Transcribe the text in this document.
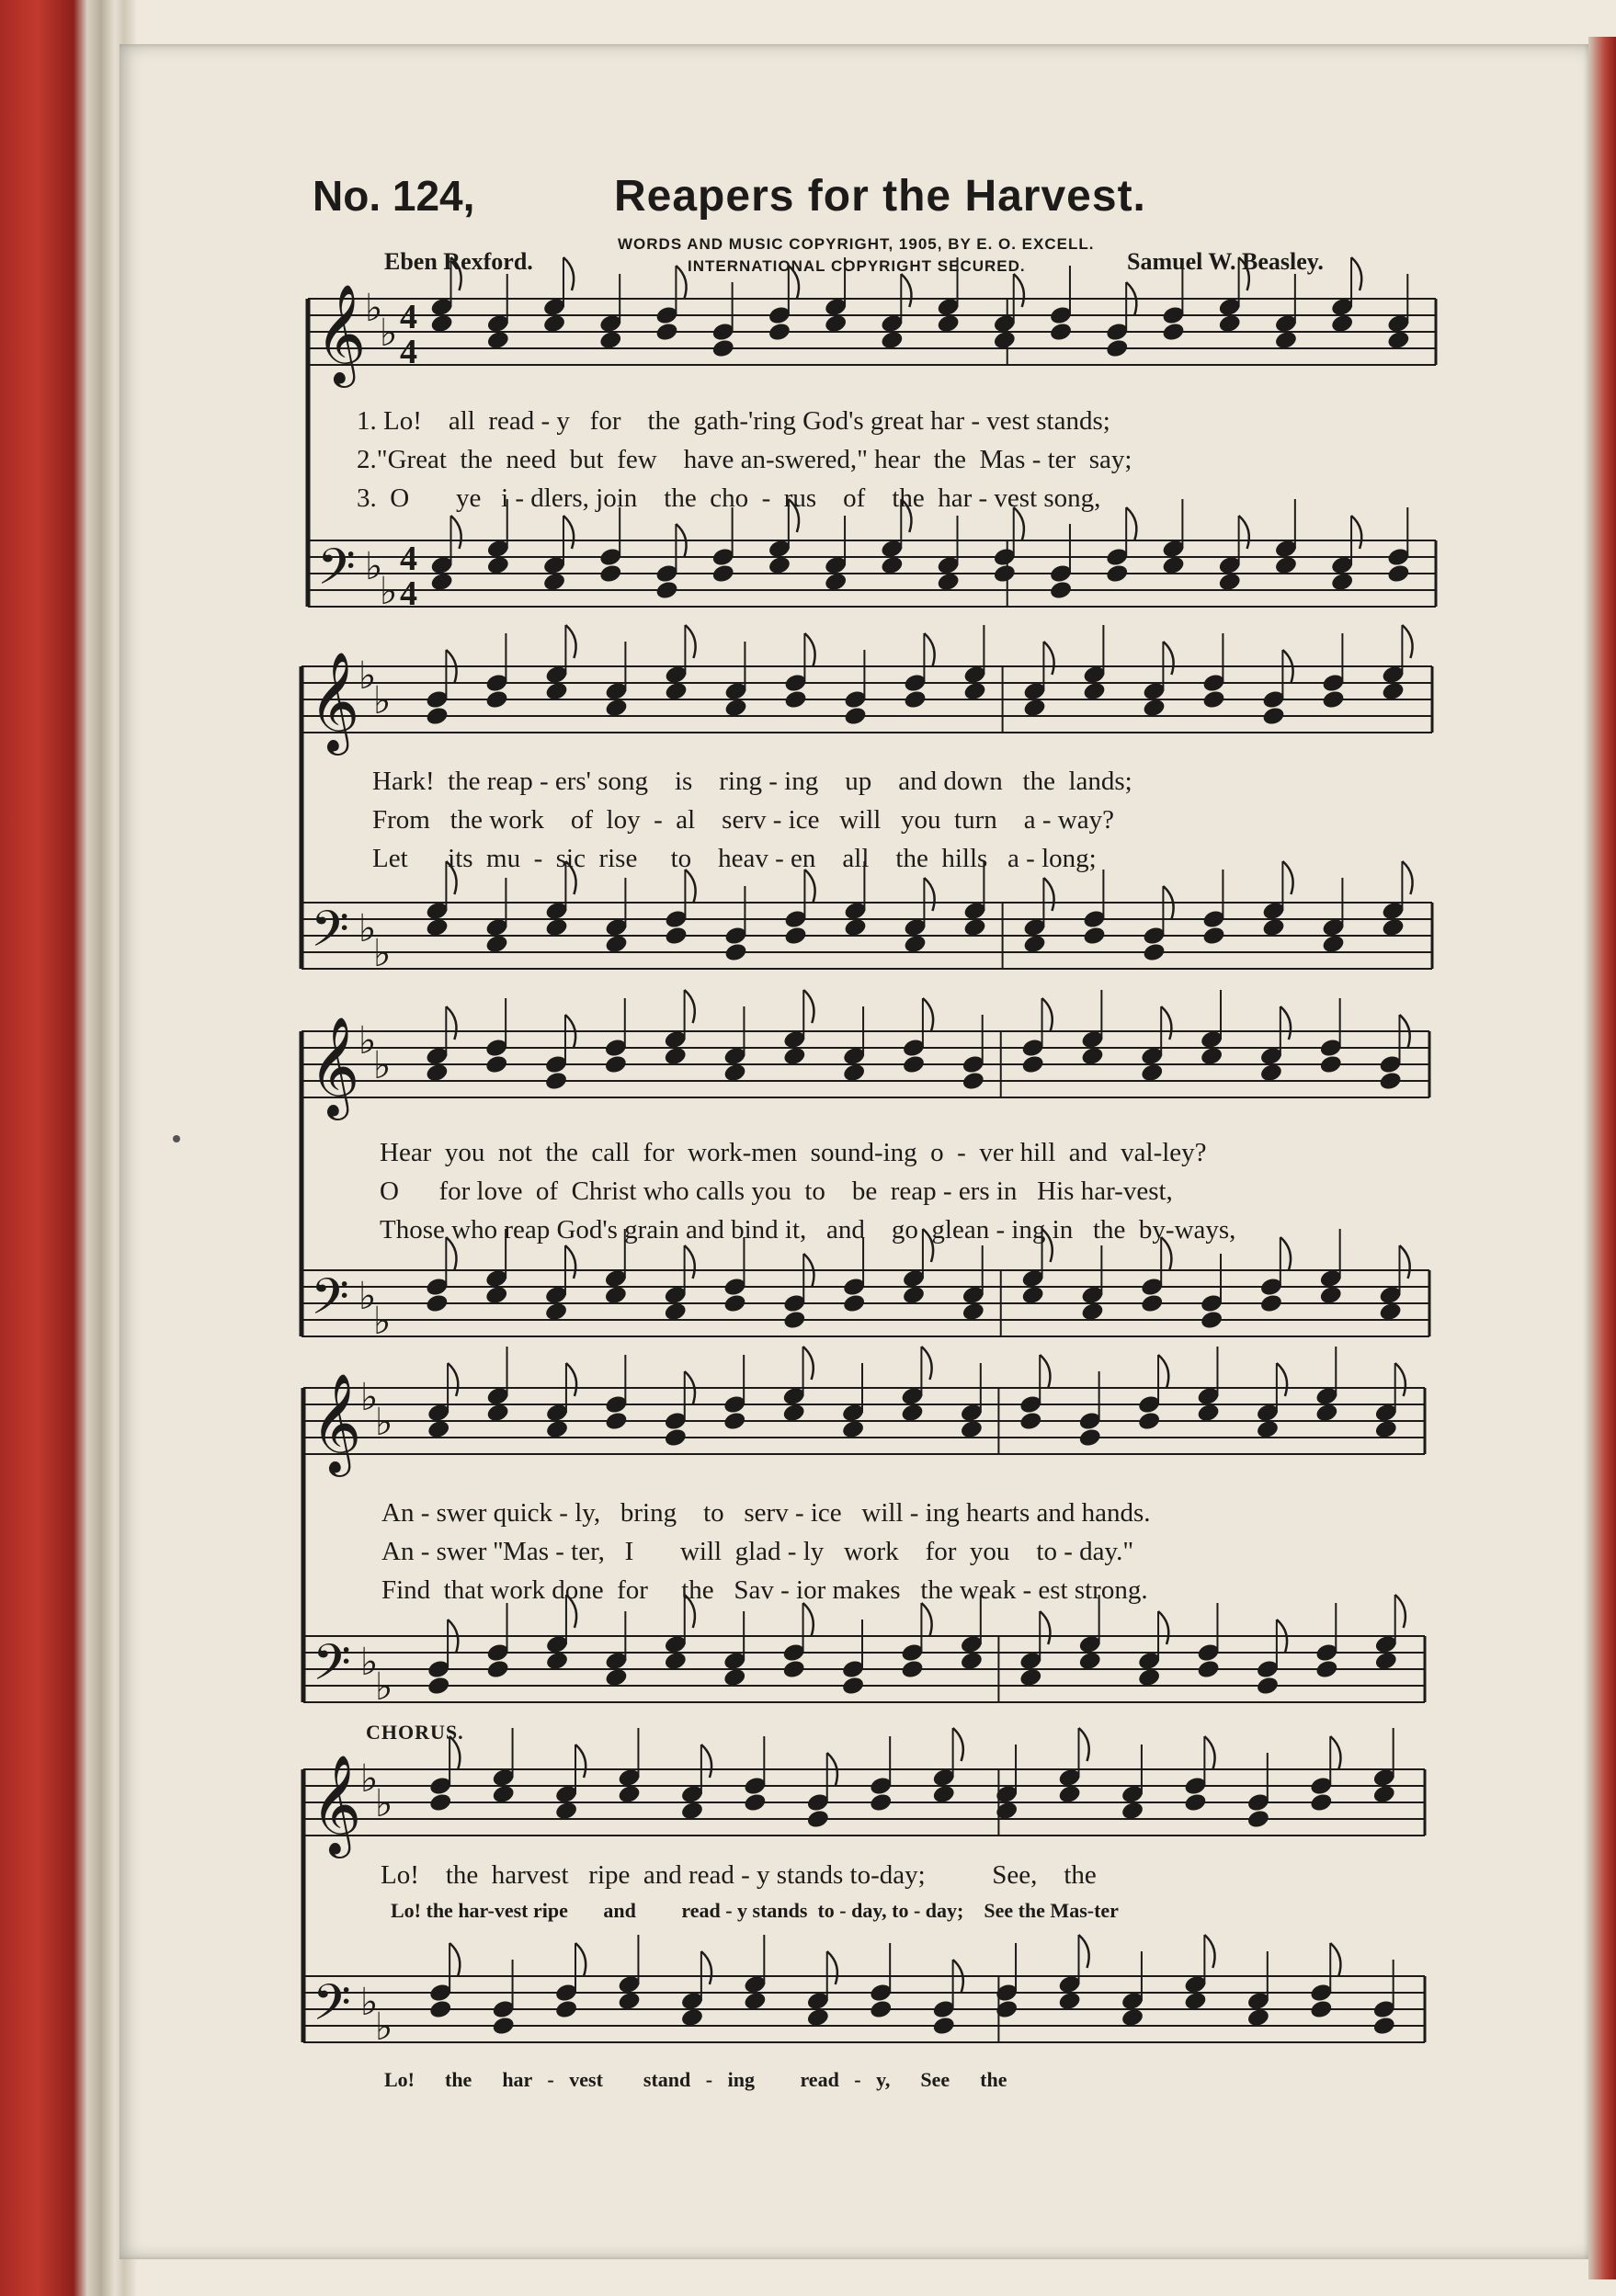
No. 124,	Reapers for the Harvest.
WORDS AND MUSIC COPYRIGHT, 1905, BY E. O. EXCELL.
INTERNATIONAL COPYRIGHT SECURED.
Eben Rexford.	Samuel W. Beasley.
𝄞
𝄢
♭
♭
♭
♭
𝄞
𝄢
♭
♭
♭
♭
𝄞
𝄢
♭
♭
♭
♭
𝄞
𝄢
♭
♭
♭
♭
𝄞
𝄢
♭
♭
♭
♭
4
4
4
4
1. Lo!    all  read - y   for    the  gath-'ring God's great har - vest stands;
2."Great  the  need  but  few    have an-swered," hear  the  Mas - ter  say;
3.  O       ye   i - dlers, join    the  cho  -  rus    of    the  har - vest song,
Hark!  the reap - ers' song    is    ring - ing    up    and down   the  lands;
From   the work    of  loy  -  al    serv - ice   will   you  turn    a - way?
Let      its  mu  -  sic  rise     to    heav - en    all    the  hills   a - long;
Hear  you  not  the  call  for  work-men  sound-ing  o  -  ver hill  and  val-ley?
O      for love  of  Christ who calls you  to    be  reap - ers in   His har-vest,
Those who reap God's grain and bind it,   and    go  glean - ing in   the  by-ways,
An - swer quick - ly,   bring    to   serv - ice   will - ing hearts and hands.
An - swer ''Mas - ter,   I       will  glad - ly   work    for  you    to - day."
Find  that work done  for     the   Sav - ior makes   the weak - est strong.
CHORUS.
Lo!    the  harvest   ripe  and read - y stands to-day;          See,    the
Lo! the har-vest ripe       and         read - y stands  to - day, to - day;    See the Mas-ter
Lo!      the      har   -   vest        stand   -   ing         read   -   y,      See      the
